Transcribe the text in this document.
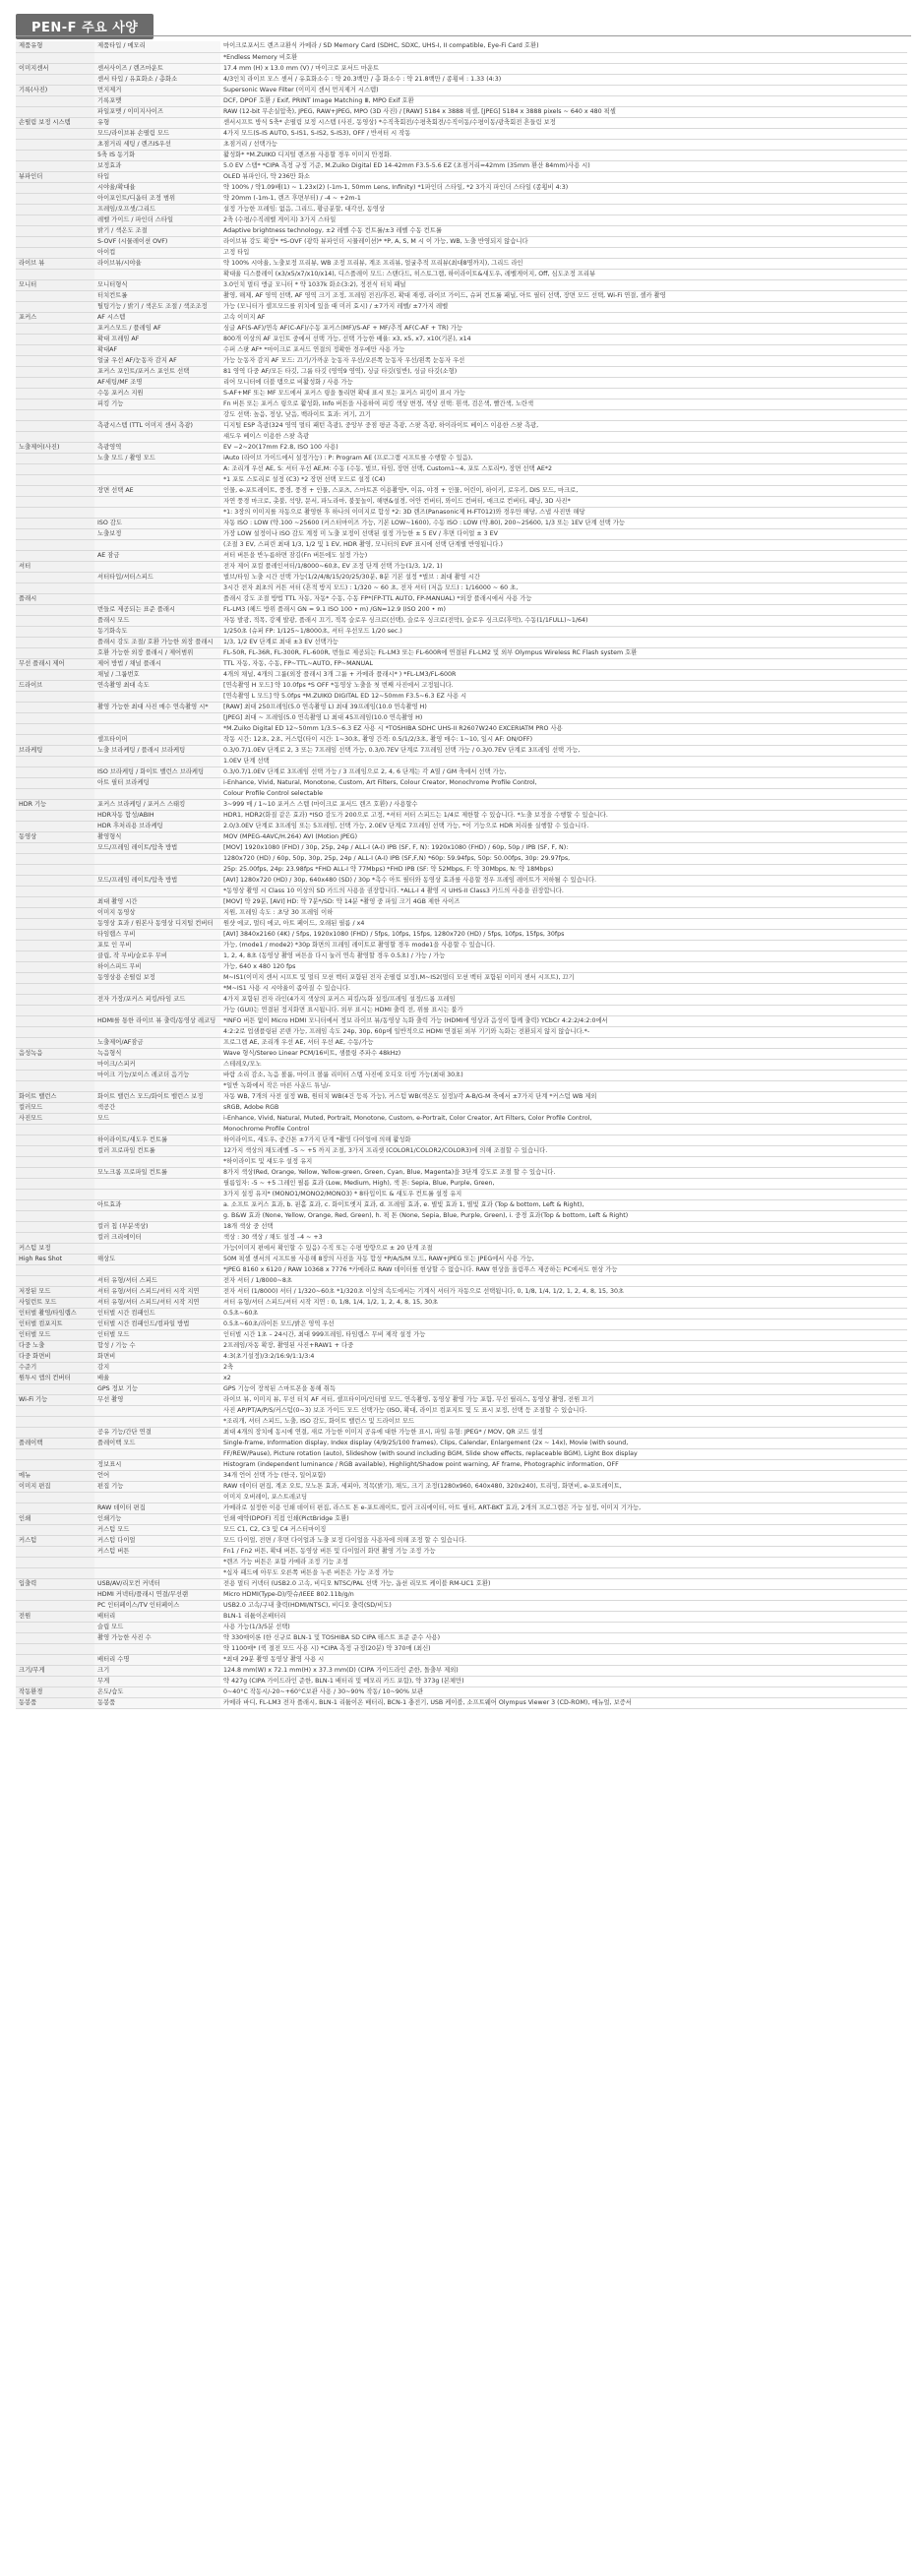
PEN-F 주요 사양
제품유형	제품타입 / 메모리	마이크로포서드 렌즈교환식 카메라 / SD Memory Card (SDHC, SDXC, UHS-I, II compatible, Eye-Fi Card 호환)
		*Endless Memory 비호환
이미지센서	센서사이즈 / 렌즈마운트	17.4 mm (H) x 13.0 mm (V) / 마이크로 포서드 마운트
	센서 타입 / 유효화소 / 총화소	4/3인치 라이브 모스 센서 / 유효화소수 : 약 20.3백만 / 총 화소수 : 약 21.8백만 / 종횡비 : 1.33 (4:3)
기록(사진)	먼지제거	Supersonic Wave Filter (이미지 센서 먼지제거 시스템)
	기록포맷	DCF, DPOF 호환 / Exif, PRINT Image Matching Ⅲ, MPO Exif 호환
	파일포맷 / 이미지사이즈	RAW (12-bit 무손실압축), JPEG, RAW+JPEG, MPO (3D 사진) / [RAW] 5184 x 3888 픽셀, [JPEG] 5184 x 3888 pixels ~ 640 x 480 픽셀
손떨림 보정 시스템	유형	센서시프트 방식 5축* 손떨림 보정 시스템 (사진, 동영상) *수직축회전/수평축회전/수직이동/수평이동/광축회전 흔들림 보정
	모드/라이브뷰 손떨림 모드	4가지 모드(S-IS AUTO, S-IS1, S-IS2, S-IS3), OFF / 반셔터 시 작동
	초점거리 세팅 / 렌즈IS우선	초점거리 / 선택가능
	5축 IS 동기화	활성화* *M.ZUIKO 디지털 렌즈를 사용할 경우 이미지 안정화.
	보정효과	5.0 EV 스탭* *CIPA 측정 규정 기준, M.Zuiko Digital ED 14-42mm F3.5-5.6 EZ (초점거리=42mm (35mm 환산 84mm)사용 시)
뷰파인더	타입	OLED 뷰파인더, 약 236만 화소
	시야율/확대율	약 100% / 약1.09배(1) ~ 1.23x(2) (-1m-1, 50mm Lens, Infinity) *1파인더 스타일, *2 3가지 파인더 스타일 (종횡비 4:3)
	아이포인트/디옵터 조정 범위	약 20mm (-1m-1, 렌즈 후면부터) / -4 ~ +2m-1
	프레임/오프셋/그리드	설정 가능한 프레임: 없음, 그리드, 황금분할, 대각선, 동영상
	레벨 가이드 / 파인더 스타일	2축 (수평/수직레벨 게이지) 3가지 스타일
	밝기 / 색온도 조절	Adaptive brightness technology, ±2 레벨 수동 컨트롤/±3 레벨 수동 컨트롤
	S-OVF (시뮬레이션 OVF)	라이브뷰 강도 확장* *S-OVF (광학 뷰파인더 시뮬레이션)* *P, A, S, M 시 이 가능, WB, 노출 반영되지 않습니다
	아이컵	고정 타입
라이브 뷰	라이브뷰/시야율	약 100% 시야율, 노출보정 프리뷰, WB 조정 프리뷰, 계조 프리뷰, 얼굴추적 프리뷰(최대8명까지), 그리드 라인
		확대율 디스플레이 (x3/x5/x7/x10/x14), 디스플레이 모드: 스탠다드, 히스토그램, 하이라이트&섀도우, 레벨게이지, Off, 심도조정 프리뷰
모니터	모니터형식	3.0인치 멀티 앵글 모니터 * 약 1037k 화소(3:2), 정전식 터치 패널
	터치컨트롤	촬영, 해제, AF 영역 선택, AF 영역 크기 조정, 프레임 전진/후진, 확대 재생, 라이브 가이드, 슈퍼 컨트롤 패널, 아트 필터 선택, 장면 모드 선택, Wi-Fi 연결, 셀카 촬영
	틸팅기능 / 밝기 / 색온도 조절 / 색조조정	가능 (모니터가 셀프모드를 위치에 있을 때 미러 효시) / ±7가지 레벨/ ±7가지 레벨
포커스	AF 시스템	고속 이미지 AF
	포커스모드 / 플레임 AF	싱글 AF(S-AF)/연속 AF(C-AF)/수동 포커스(MF)/S-AF + MF/추적 AF(C-AF + TR) 가능
	확대 프레임 AF	800개 이상의 AF 포인트 중에서 선택 가능, 선택 가능한 배율: x3, x5, x7, x10(기본), x14
	확대AF	수퍼 스팟 AF* *마이크로 포서드 연결의 정확한 경우에만 사용 가능
	얼굴 우선 AF/눈동자 감지 AF	가능 눈동자 감지 AF 모드: 끄기/가까운 눈동자 우선/오른쪽 눈동자 우선/왼쪽 눈동자 우선
	포커스 포인트/포커스 포인트 선택	81 영역 다중 AF/모든 타깃, 그룹 타깃 (영역9 영역), 싱글 타깃(일반), 싱글 타깃(소형)
	AF세팅/MF 조명	리어 모니터에 더블 탭으로 비활성화 / 사용 가능
	수동 포커스 지원	S-AF+MF 또는 MF 모드에서 포커스 링을 돌리면 확대 표시 또는 포커스 피킹이 표시 가능
	피킹 기능	Fn 버튼 또는 포커스 링으로 활성화, Info 버튼을 사용하여 피킹 색상 변경, 색상 선택: 흰색, 검은색, 빨간색, 노란색
		강도 선택: 높음, 정상, 낮음, 백라이트 효과: 켜기, 끄기
	측광시스템 (TTL 이미지 센서 측광)	디지털 ESP 측광(324 영역 멀티 패턴 측광), 중앙부 중점 평균 측광, 스팟 측광, 하이라이트 베이스 이용한 스팟 측광,
		섀도우 베이스 이용한 스팟 측광
노출제어(사진)	측광영역	EV −2~20(17mm F2.8, ISO 100 사용)
	노출 모드 / 촬영 모드	iAuto (라이브 가이드에서 설정가능) : P: Program AE (프로그램 시프트를 수행할 수 있음),
		A: 조리개 우선 AE, S: 셔터 우선 AE,M: 수동 (수동, 벌브, 타임, 장면 선택, Custom1~4, 포토 스토리*), 장면 선택 AE*2
		*1 포토 스토리로 설정 (C3) *2 장면 선택 모드로 설정 (C4)
	장면 선택 AE	인물, e-포트레이트, 풍경, 풍경 + 인물, 스포츠, 스마트폰 이용촬영*, 이유, 야경 + 인물, 어린이, 하이키, 로우키, DIS 모드, 마크로,
		자연 풍경 마크로, 촛불, 석양, 문서, 파노라마, 불꽃놀이, 해변&설경, 어안 컨버터, 와이드 컨버터, 매크로 컨버터, 패닝, 3D 사진*
		*1: 3장의 이미지를 자동으로 촬영한 후 하나의 이미지로 합성 *2: 3D 렌즈(Panasonic제 H-FT012)와 경우만 해당, 스냅 사진만 해당
	ISO 감도	자동 ISO : LOW (약.100 ~25600 (커스터마이즈 가능, 기본 LOW~1600), 수동 ISO : LOW (약.80), 200~25600, 1/3 또는 1EV 단계 선택 가능
	노출보정	가장 LOW 설정이나 ISO 감도 계정 미 노출 보정이 선택된 설정 가능한 ± 5 EV / 후면 다이얼 ± 3 EV
		(조절 3 EV, 스피린 최대 1/3, 1/2 및 1 EV, HDR 촬영, 모니터의 EVF 표시에 선택 단계별 반영됩니다.)
	AE 잠금	셔터 버튼을 반누름하면 잠김(Fn 버튼에도 설정 가능)
셔터		전자 제어 포컬 플레인셔터/1/8000~60초, EV 조정 단계 선택 가능(1/3, 1/2, 1)
	셔터타입/셔터스피드	벌브/타임 노출 시간 선택 가능(1/2/4/8/15/20/25/30분, 8분 기본 설정 *벌브 : 최대 촬영 시간
		3시간 전자 최초의 커튼 셔터 (흔적 방지 모드) : 1/320 ~ 60 초, 전자 셔터 (저음 모드) : 1/16000 ~ 60 초,
플래시		플래시 강도 조절 방법 TTL 자동, 자동* 수동, 수동 FP*(FP-TTL AUTO, FP-MANUAL) *외장 플래시에서 사용 가능
	번들로 제공되는 표준 플래시	FL-LM3 (헤드 방위 플래시 GN = 9.1 ISO 100 • m) /GN=12.9 (ISO 200 • m)
	플래시 모드	자동 발광, 적목, 강제 발광, 플래시 끄기, 적목 슬로우 싱크로(선택), 슬로우 싱크로(전막), 슬로우 싱크로(후막), 수동(1/1FULL)~1/64)
	동기화속도	1/250초 (슈퍼 FP: 1/125~1/8000초, 셔터 우선모드 1/20 sec.)
	플래시 강도 조절/ 호환 가능한 외장 플래시	1/3, 1/2 EV 단계로 최대 ±3 EV 선택가능
	호환 가능한 외장 플래시 / 제어범위	FL-50R, FL-36R, FL-300R, FL-600R, 번들로 제공되는 FL-LM3 또는 FL-600R에 연결된 FL-LM2 및 외부 Olympus Wireless RC Flash system 호환
무선 플래시 제어	제어 방법 / 채널 플래시	TTL 자동, 자동, 수동, FP~TTL~AUTO, FP~MANUAL
	채널 / 그룹번호	4개의 채널, 4개의 그룹(외장 플래시 3개 그룹 + 카메라 플래시* ) *FL-LM3/FL-600R
드라이브	연속촬영 최대 속도	[연속촬영 H 모드] 약 10.0fps *S OFF *동영상 노출을 첫 번째 사진에서 고정됩니다.
		[연속촬영 L 모드] 약 5.0fps *M.ZUIKO DIGITAL ED 12~50mm F3.5~6.3 EZ 사용 시
	촬영 가능한 최대 사진 매수 연속촬영 시*	[RAW] 최대 250프레임(5.0 연속촬영 L) 최대 39프레임(10.0 연속촬영 H)
		[JPEG] 최대 ~ 프레임(5.0 연속촬영 L) 최대 45프레임(10.0 연속촬영 H)
		*M.Zuiko Digital ED 12~50mm 1/3.5~6.3 EZ 사용 시 *TOSHIBA SDHC UHS-II R2607W240 EXCERIATM PRO 사용
	셀프타이머	작동 시간: 12초, 2초, 커스텀(타이 시간: 1~30초, 촬영 간격: 0.5/1/2/3초, 촬영 매수: 1~10, 일시 AF: ON/OFF)
브라케팅	노출 브라케팅 / 플래시 브라케팅	0.3/0.7/1.0EV 단계로 2, 3 또는 7프레임 선택 가능, 0.3/0.7EV 단계로 7프레임 선택 가능 / 0.3/0.7EV 단계로 3프레임 선택 가능,
		1.0EV 단계 선택
	ISO 브라케팅 / 화이트 밸런스 브라케팅	0.3/0.7/1.0EV 단계로 3프레임 선택 가능 / 3 프레임으로 2, 4, 6 단계는 각 A열 / GM 축에서 선택 가능,
	아트 필터 브라케팅	i-Enhance, Vivid, Natural, Monotone, Custom, Art Filters, Colour Creator, Monochrome Profile Control,
		Colour Profile Control selectable
HDR 기능	포커스 브라케팅 / 포커스 스태킹	3~999 매 / 1~10 포커스 스텝 (마이크로 포서드 렌즈 호환) / 사용할수
	HDR자동 합성/ABIH	HDR1, HDR2(화질 같은 효과) *ISO 감도가 200으로 고정, *셔터 셔터 스피드는 1/4로 제한할 수 있습니다. *노출 보정을 수행할 수 있습니다.
	HDR 후처리용 브라케팅	2.0/3.0EV 단계로 3프레임 또는 5프레임, 선택 가능, 2.0EV 단계로 7프레임 선택 가능, *이 기능으로 HDR 처리를 실행할 수 있습니다.
동영상	촬영형식	MOV (MPEG-4AVC/H.264) AVI (Motion JPEG)
	모드/프레임 레이트/압축 방법	[MOV] 1920x1080 (FHD) / 30p, 25p, 24p / ALL-I (A-I) IPB (SF, F, N): 1920x1080 (FHD) / 60p, 50p / IPB (SF, F, N):
		1280x720 (HD) / 60p, 50p, 30p, 25p, 24p / ALL-I (A-I) IPB (SF,F,N) *60p: 59.94fps, 50p: 50.00fps, 30p: 29.97fps,
		25p: 25.00fps, 24p: 23.98fps *FHD ALL-I 약 77Mbps) *FHD IPB (SF: 약 52Mbps, F: 약 30Mbps, N: 약 18Mbps)
	모드/프레임 레이트/압축 방법	[AVI] 1280x720 (HD) / 30p, 640x480 (SD) / 30p *촉수 아트 필터와 동영상 효과를 사용할 경우 프레임 레이트가 저하될 수 있습니다.
		*동영상 촬영 시 Class 10 이상의 SD 카드의 사용을 권장합니다. *ALL-I 4 촬영 시 UHS-II Class3 카드의 사용을 권장합니다.
	최대 촬영 시간	[MOV] 약 29분, [AVI] HD: 약 7분*/SD: 약 14분 *촬영 중 파일 크기 4GB 제한 사이즈
	이미지 동영상	지원, 프레임 속도 : 초당 30 프레임 이하
	동영상 효과 / 원본사 동영상 디지털 컨버터	원샷 에코, 멀티 에코, 아트 페이드, 오래된 필름 / x4
	타임랩스 무비	[AVI] 3840x2160 (4K) / 5fps, 1920x1080 (FHD) / 5fps, 10fps, 15fps, 1280x720 (HD) / 5fps, 10fps, 15fps, 30fps
	포토 인 무비	가능, (mode1 / mode2) *30p 화면의 프레임 레이트로 촬영할 경우 mode1을 사용할 수 있습니다.
	클립, 작 무비/슬로우 무비	1, 2, 4, 8초 (동영상 촬영 버튼을 다시 눌러 연속 촬영할 경우 0.5초) / 가능 / 가능
	하이스피드 무비	가능, 640 x 480 120 fps
	동영상용 손떨림 보정	M~IS1(이미지 센서 시프트 및 멀티 모션 벡터 포함된 전자 손떨림 보정),M~IS2(멀티 모션 벡터 포함된 이미지 센서 시프트), 끄기
		*M~IS1 사용 시 시야율이 좁아질 수 있습니다.
	전자 가장/포커스 피킹/타임 코드	4가지 포함된 전자 라인(4가지 색상의 포커스 피킹/녹화 설정/프레임 설정/드롭 프레임
		가능 (GUI)는 연결된 정지화면 표시됩니다. 외부 표시는 HDMI 출력 전, 위를 표시는 불가
	HDMI를 통한 라이브 뷰 출력/동영상 레코딩	*INFO 버튼 없이 Micro HDMI 모니터에서 정보 라이브 뷰/동영상 녹화 출력 가능 (HDMI에 영상과 음성이 함께 출력) YCbCr 4:2:2/4:2:0에서
		4:2:2로 업샘플링된 콘텐 가능, 프레임 속도 24p, 30p, 60p에 일반적으로 HDMI 연결된 외부 기기와 녹화는 전환되지 않지 않습니다.*-
	노출제어/AF잠금	프로그램 AE, 조리개 우선 AE, 셔터 우선 AE, 수동/가능
음성녹음	녹음형식	Wave 형식/Stereo Linear PCM/16비트, 샘플링 주파수 48kHz)
	마이크/스피커	스테레오/모노
	마이크 기능/보이스 레코더 음기능	바람 소리 감소, 녹음 볼륨, 마이크 볼륨 리미터 스텝 사진에 오디오 더빙 가능(최대 30초)
		*일반 녹화에서 작은 마른 사운드 튜닝/-
화이트 밸런스	화이트 밸런스 모드/화이트 밸런스 보정	자동 WB, 7개의 사전 설정 WB, 원터치 WB(4건 등록 가능), 커스텀 WB(색온도 설정)/각 A-B/G-M 축에서 ±7가지 단계 *커스텀 WB 제외
컬러모드	색공간	sRGB, Adobe RGB
사진모드	모드	i-Enhance, Vivid, Natural, Muted, Portrait, Monotone, Custom, e-Portrait, Color Creator, Art Filters, Color Profile Control,
		Monochrome Profile Control
	하이라이트/섀도우 컨트롤	하이라이트, 섀도우, 중간톤 ±7가지 단계 *촬영 다이얼에 의해 활성화
	컬러 프로파일 컨트롤	12가지 색상의 채도레벨 –5 ~ +5 까지 조절, 3가지 프리셋 (COLOR1/COLOR2/COLOR3)에 의해 조절할 수 있습니다.
		*하이라이트 및 섀도우 설정 유지
	모노크롬 프로파일 컨트롤	8가지 색상(Red, Orange, Yellow, Yellow-green, Green, Cyan, Blue, Magenta)을 3단계 강도로 조절 할 수 있습니다.
		필름입자: -5 ~ +5 그레인 필름 효과 (Low, Medium, High), 색 톤: Sepia, Blue, Purple, Green,
		3가지 설정 유지* (MONO1/MONO2/MONO3) * 8타입이트 & 섀도우 컨트롤 설정 유지
	아트효과	a. 소프트 포커스 효과, b. 핀홀 효과, c. 화이트엣지 효과, d. 프레임 효과, e. 별빛 효과 1, 별빛 효과 (Top & bottom, Left & Right),
		g. B&W 효과 (None, Yellow, Orange, Red, Green), h. 픽 톤 (None, Sepia, Blue, Purple, Green), i. 중경 효과(Top & bottom, Left & Right)
	컬러 칩 (부분색상)	18개 색상 중 선택
	컬러 크리에이터	색상 : 30 색상 / 채도 설정 –4 ~ +3
커스텀 보정		가능(이미지 편에서 확인할 수 있음) 수직 또는 수평 방향으로 ± 20 단계 조절
High Res Shot	해상도	50M 픽셀 센서의 시프트를 사용해 8장의 사진을 자동 합성 *P/A/S/M 모드, RAW+JPEG 또는 JPEG에서 사용 가능,
		*JPEG 8160 x 6120 / RAW 10368 x 7776 *카메라로 RAW 데이터를 현상할 수 없습니다. RAW 현상을 올림푸스 제공하는 PC에서도 현상 가능
	셔터 유형/셔터 스피드	전자 셔터 / 1/8000~8초
저장된 모드	셔터 유형/셔터 스피드/셔터 시작 지연	전자 셔터 (1/8000) 셔터 / 1/320~60초 *1/320초 이상의 속도에서는 기계식 셔터가 자동으로 선택됩니다, 0, 1/8, 1/4, 1/2, 1, 2, 4, 8, 15, 30초
사일런트 모드	셔터 유형/셔터 스피드/셔터 시작 지연	셔터 유형/셔터 스피드/셔터 시작 지연 : 0, 1/8, 1/4, 1/2, 1, 2, 4, 8, 15, 30초
인터벌 촬영/타임랩스	인터벌 시간 컴패인드	0.5초~60초
인터벌 컴포지트	인터벌 시간 컴패인드/컴파일 방법	0.5초~60초/라이튼 모드/밝은 영역 우선
인터벌 모드	인터벌 모드	인터벌 시간 1초 – 24시간, 최대 999프레임, 타임랩스 무비 제작 설정 가능
다중 노출	합성 / 기능 수	2프레임/자동 확장, 촬영된 사진+RAW1 + 다중
다중 화면비	화면비	4:3(초기설정)/3:2/16:9/1:1/3:4
수준기	감지	2축
원투시 앱의 컨버터	배율	x2
	GPS 정보 기능	GPS 기능이 장착된 스마트폰을 통해 취득
Wi-Fi 기능	무선 촬영	라이브 뷰, 이미지 뷰, 무선 터치 AF 셔터, 셀프타이머/인터벌 모드, 연속촬영, 동영상 촬영 가능 포함, 무선 릴리스, 동영상 촬영, 전원 끄기
		사진 AP/PT/A/P/S/커스텀(0~3) 보조 가이드 모드 선택가능 (ISO, 확대, 라이브 컴포지트 및 도 표시 보정, 선택 등 조절할 수 있습니다.
		*조리개, 셔터 스피드, 노출, ISO 감도, 화이트 밸런스 및 드라이브 모드
	공유 기능/간단 연결	최대 4개의 장치에 동시에 연결, 새로 가능한 이미지 공유에 대한 가능한 표시, 파일 유형: JPEG* / MOV, QR 코드 설정
플레이백	플레이백 모드	Single-frame, Information display, Index display (4/9/25/100 frames), Clips, Calendar, Enlargement (2x ~ 14x), Movie (with sound,
		FF/REW/Pause), Picture rotation (auto), Slideshow (with sound including BGM, Slide show effects, replaceable BGM), Light Box display
	정보표시	Histogram (independent luminance / RGB available), Highlight/Shadow point warning, AF frame, Photographic information, OFF
메뉴	언어	34개 언어 선택 가능 (한국, 일어포함)
이미지 편집	편집 기능	RAW 데이터 편집, 계조 오토, 모노톤 효과, 세피아, 적목(밝기), 채도, 크기 조정(1280x960, 640x480, 320x240), 트리밍, 화면비, e-포트레이트,
		이미지 오버레이, 포스트레코딩
	RAW 데이터 편집	카메라로 설정한 이용 인쇄 데이터 편집, 라스트 톤 e-포트레이트, 컬러 크리에이터, 아트 필터, ART-BKT 효과, 2개의 프로그램은 가능 설정, 이미지 기가능,
인쇄	인쇄기능	인쇄 예약(DPOF) 직접 인쇄(PictBridge 호환)
	커스텀 모드	모드 C1, C2, C3 및 C4 커스터마이징
커스텀	커스텀 다이얼	모드 다이얼, 전면 / 후면 다이얼과 노출 보정 다이얼을 사용자에 의해 조정 할 수 있습니다.
	커스텀 버튼	Fn1 / Fn2 버튼, 확대 버튼, 동영상 버튼 및 다이얼러 화면 촬영 기능 조정 가능
		*렌즈 가능 버튼은 포함 카메라 조정 기능 조정
		*십자 패드에 아무도 오른쪽 버튼을 누른 버튼은 가능 조정 가능
입출력	USB/AV/리모컨 커넥터	전용 멀티 커넥터 (USB2.0 고속, 비디오 NTSC/PAL 선택 가능, 옵션 리모트 케이블 RM-UC1 호환)
	HDMI 커넥터/플래시 연결/무선랜	Micro HDMI(Type-D)/핫슈/IEEE 802.11b/g/n
	PC 인터페이스/TV 인터페이스	USB2.0 고속/구내 출력(HDMI/NTSC), 비디오 출력(SD/비도)
전원	배터리	BLN-1 리튬이온배터리
	슬립 모드	사용 가능(1/3/5분 선택)
	촬영 가능한 사진 수	약 330매이론 (한 신규로 BLN-1 및 TOSHIBA SD CIPA 테스트 표준 준수 사용)
		약 1100매* (퀵 절전 모드 사용 시) *CIPA 측정 규정(20분) 약 370매 (최신)
	배터리 수명	*최대 29분 촬영 동영상 촬영 사용 시
크기/무게	크기	124.8 mm(W) x 72.1 mm(H) x 37.3 mm(D) (CIPA 가이드라인 준한, 돌출부 제외)
	무게	약 427g (CIPA 가이드라인 준한, BLN-1 배터리 및 메모리 카드 포함), 약 373g (본체만)
작동환경	온도/습도	0~40°C 작동시/-20~+60°C보관 사용 / 30~90% 작동/ 10~90% 보관
동봉품	동봉품	카메라 바디, FL-LM3 전자 플래시, BLN-1 리튬이온 배터리, BCN-1 충전기, USB 케이블, 소프트웨어 Olympus Viewer 3 (CD-ROM), 매뉴얼, 보증서
